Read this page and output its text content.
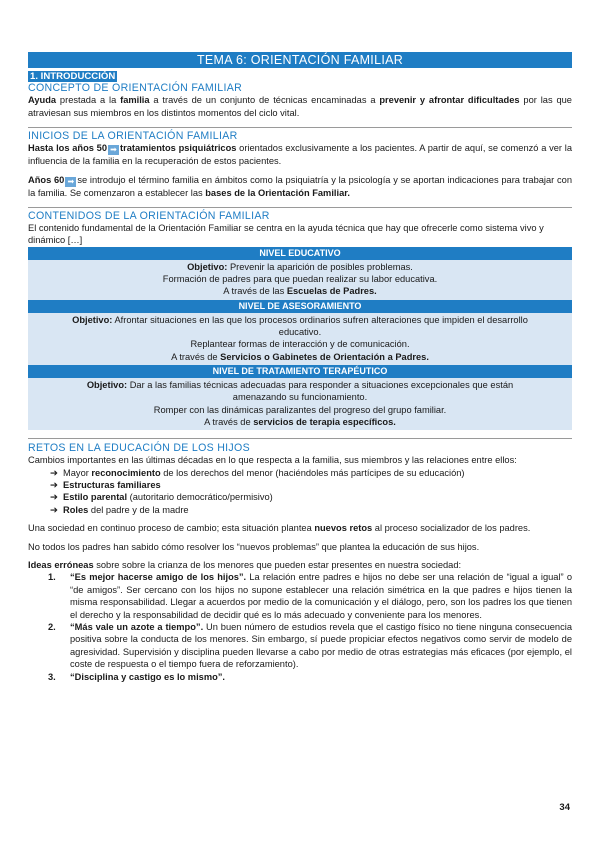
TEMA 6: ORIENTACIÓN FAMILIAR
1. INTRODUCCIÓN
CONCEPTO DE ORIENTACIÓN FAMILIAR

Ayuda prestada a la familia a través de un conjunto de técnicas encaminadas a prevenir y afrontar dificultades por las que atraviesan sus miembros en los distintos momentos del ciclo vital.

INICIOS DE LA ORIENTACIÓN FAMILIAR

Hasta los años 50 ➡ tratamientos psiquiátricos orientados exclusivamente a los pacientes. A partir de aquí, se comenzó a ver la influencia de la familia en la recuperación de estos pacientes.

Años 60 ➡ se introdujo el término familia en ámbitos como la psiquiatría y la psicología y se aportan indicaciones para trabajar con la familia. Se comenzaron a establecer las bases de la Orientación Familiar.

CONTENIDOS DE LA ORIENTACIÓN FAMILIAR

El contenido fundamental de la Orientación Familiar se centra en la ayuda técnica que hay que ofrecerle como sistema vivo y dinámico […]

NIVEL EDUCATIVO

Objetivo: Prevenir la aparición de posibles problemas.
Formación de padres para que puedan realizar su labor educativa.
A través de las Escuelas de Padres.

NIVEL DE ASESORAMIENTO

Objetivo: Afrontar situaciones en las que los procesos ordinarios sufren alteraciones que impiden el desarrollo educativo.
Replantear formas de interacción y de comunicación.
A través de Servicios o Gabinetes de Orientación a Padres.

NIVEL DE TRATAMIENTO TERAPÉUTICO

Objetivo: Dar a las familias técnicas adecuadas para responder a situaciones excepcionales que están amenazando su funcionamiento.
Romper con las dinámicas paralizantes del progreso del grupo familiar.
A través de servicios de terapia específicos.
RETOS EN LA EDUCACIÓN DE LOS HIJOS

Cambios importantes en las últimas décadas en lo que respecta a la familia, sus miembros y las relaciones entre ellos:

➔ Mayor reconocimiento de los derechos del menor (haciéndoles más partícipes de su educación)
➔ Estructuras familiares
➔ Estilo parental (autoritario democrático/permisivo)
➔ Roles del padre y de la madre

Una sociedad en continuo proceso de cambio; esta situación plantea nuevos retos al proceso socializador de los padres.

No todos los padres han sabido cómo resolver los “nuevos problemas” que plantea la educación de sus hijos.

Ideas erróneas sobre sobre la crianza de los menores que pueden estar presentes en nuestra sociedad:

1. “Es mejor hacerse amigo de los hijos”. La relación entre padres e hijos no debe ser una relación de “igual a igual” o “de amigos”. Ser cercano con los hijos no supone establecer una relación simétrica en la que padres e hijos tienen la misma responsabilidad. Llegar a acuerdos por medio de la comunicación y el diálogo, pero, son los padres los que tienen el derecho y la responsabilidad de decidir qué es lo más adecuado y conveniente para los menores.
2. “Más vale un azote a tiempo”. Un buen número de estudios revela que el castigo físico no tiene ninguna consecuencia positiva sobre la conducta de los menores. Sin embargo, sí puede propiciar efectos negativos como servir de modelo de agresividad. Supervisión y disciplina pueden llevarse a cabo por medio de otras estrategias más eficaces (por ejemplo, el coste de respuesta o el tiempo fuera de reforzamiento).
3. “Disciplina y castigo es lo mismo”.
34
